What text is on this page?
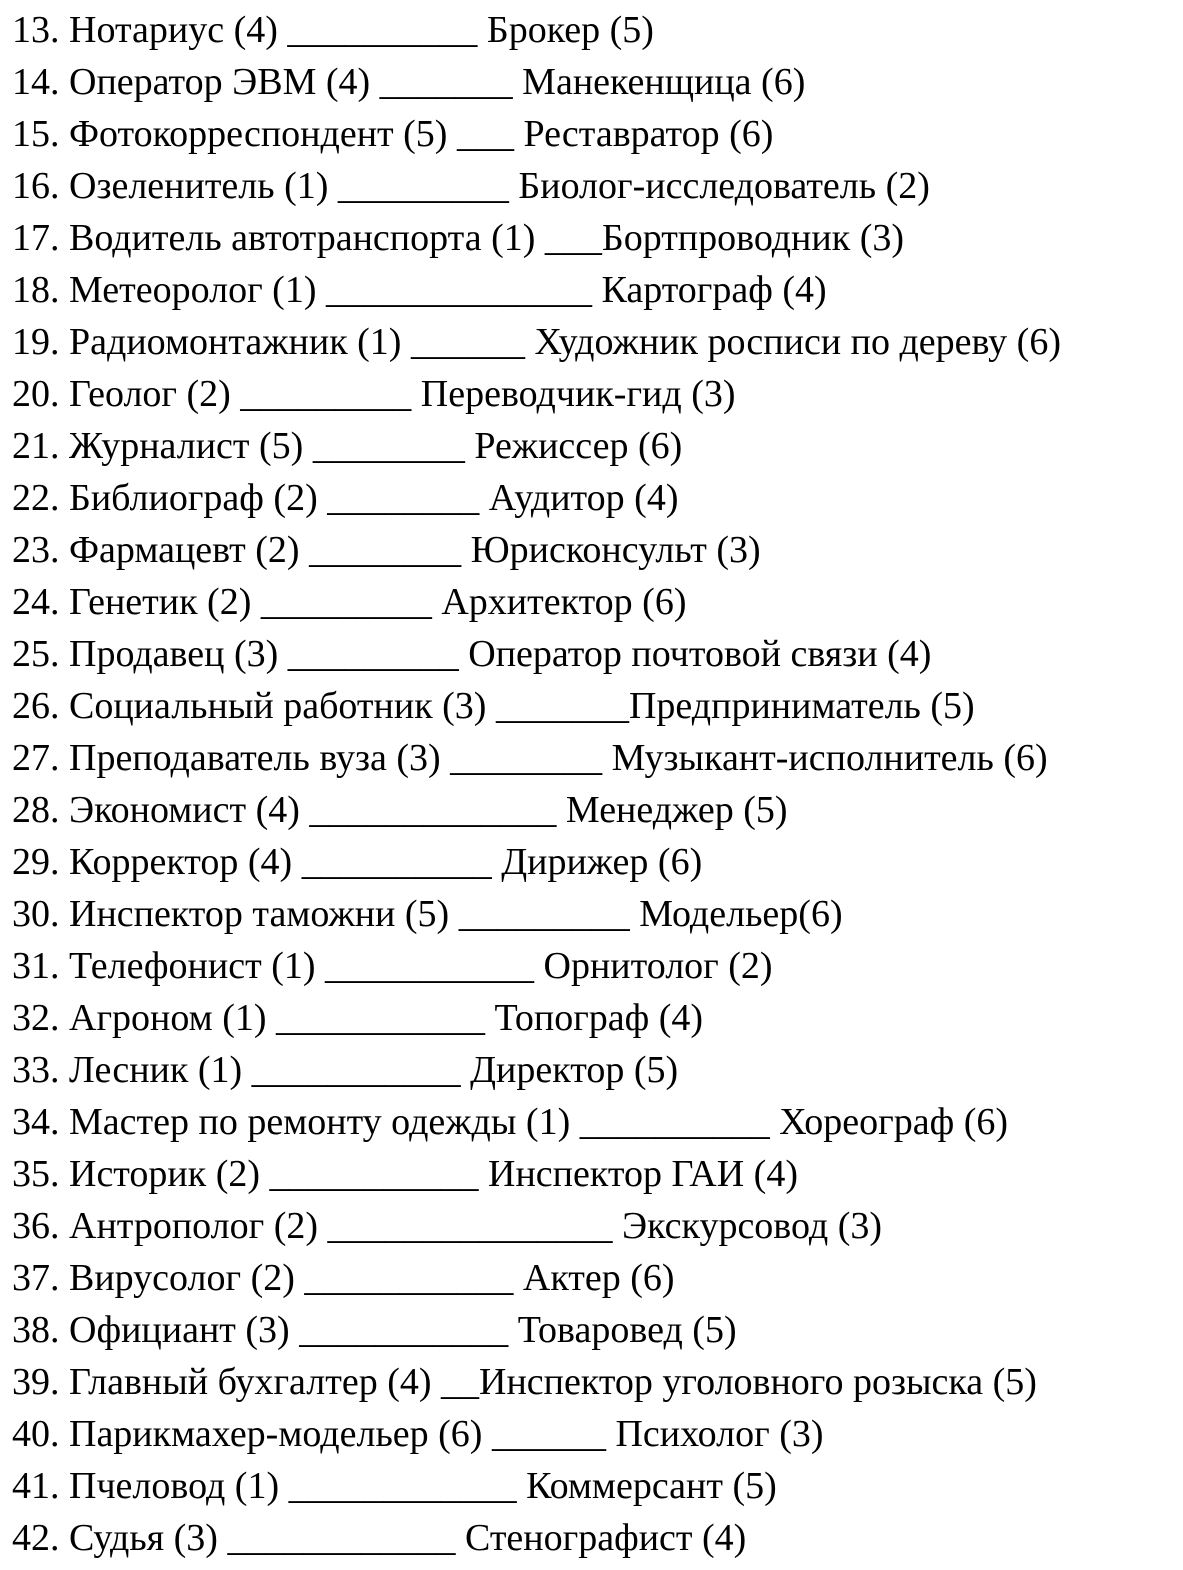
13. Нотариус (4) __________ Брокер (5)
14. Оператор ЭВМ (4) _______ Манекенщица (6)
15. Фотокорреспондент (5) ___ Реставратор (6)
16. Озеленитель (1) _________ Биолог-исследователь (2)
17. Водитель автотранспорта (1) ___Бортпроводник (3)
18. Метеоролог (1) ______________ Картограф (4)
19. Радиомонтажник (1) ______ Художник росписи по дереву (6)
20. Геолог (2) _________ Переводчик-гид (3)
21. Журналист (5) ________ Режиссер (6)
22. Библиограф (2) ________ Аудитор (4)
23. Фармацевт (2) ________ Юрисконсульт (3)
24. Генетик (2) _________ Архитектор (6)
25. Продавец (3) _________ Оператор почтовой связи (4)
26. Социальный работник (3) _______Предприниматель (5)
27. Преподаватель вуза (3) ________ Музыкант-исполнитель (6)
28. Экономист (4) _____________ Менеджер (5)
29. Корректор (4) __________ Дирижер (6)
30. Инспектор таможни (5) _________ Модельер(6)
31. Телефонист (1) ___________ Орнитолог (2)
32. Агроном (1) ___________ Топограф (4)
33. Лесник (1) ___________ Директор (5)
34. Мастер по ремонту одежды (1) __________ Хореограф (6)
35. Историк (2) ___________ Инспектор ГАИ (4)
36. Антрополог (2) _______________ Экскурсовод (3)
37. Вирусолог (2) ___________ Актер (6)
38. Официант (3) ___________ Товаровед (5)
39. Главный бухгалтер (4) __Инспектор уголовного розыска (5)
40. Парикмахер-модельер (6) ______ Психолог (3)
41. Пчеловод (1) ____________ Коммерсант (5)
42. Судья (3) ____________ Стенографист (4)
